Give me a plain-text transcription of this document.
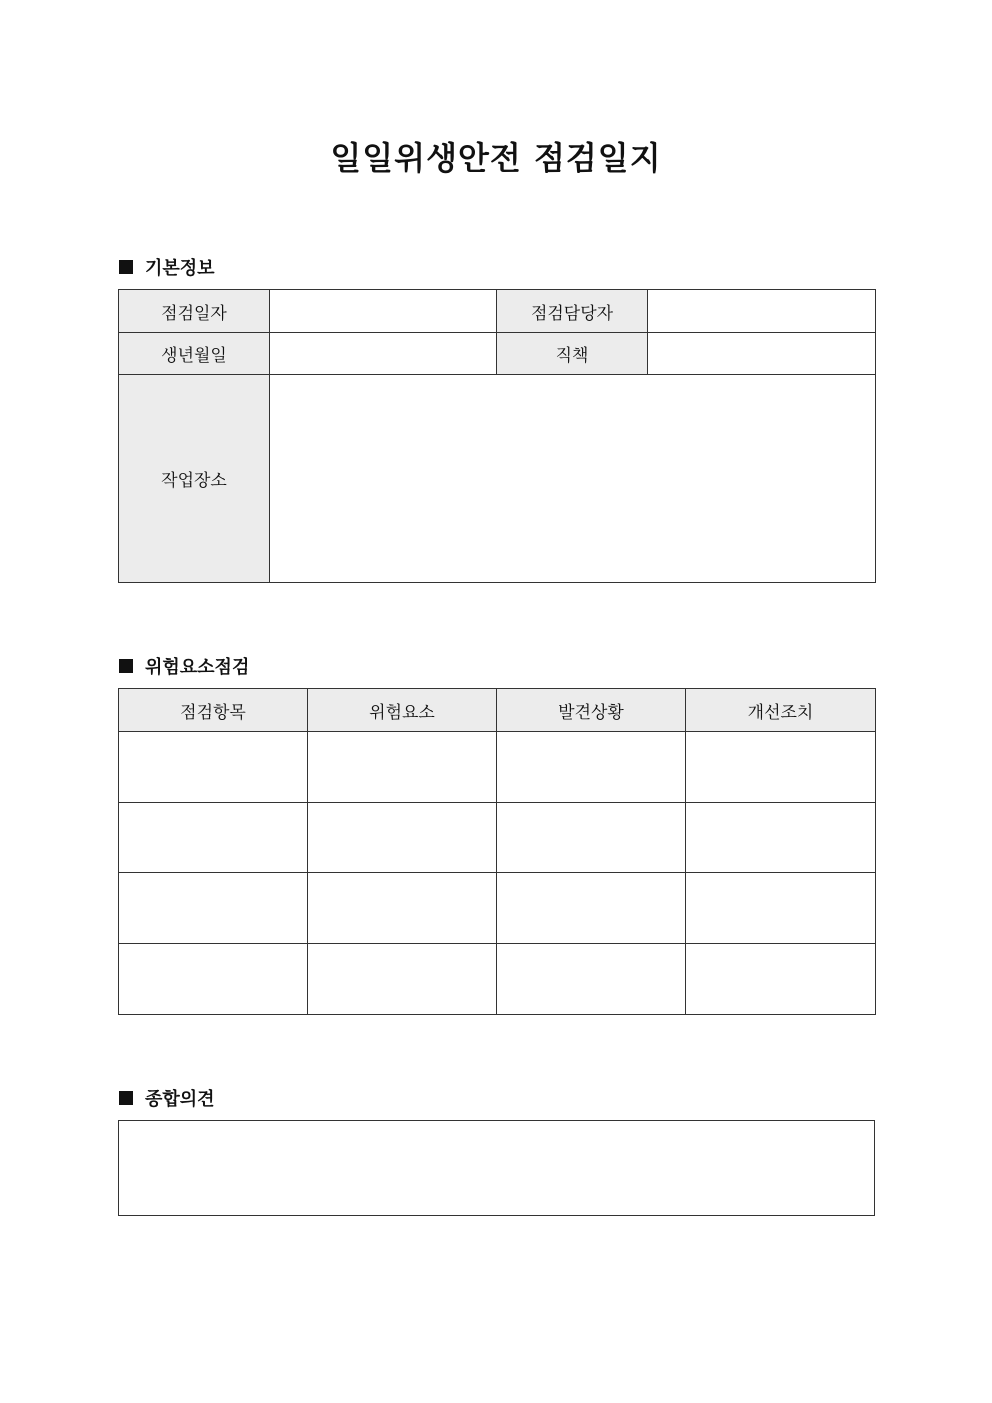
일일위생안전 점검일지
기본정보
점검일자		점검담당자	
생년월일		직책	
작업장소			
위험요소점검
점검항목	위험요소	발견상황	개선조치

종합의견
